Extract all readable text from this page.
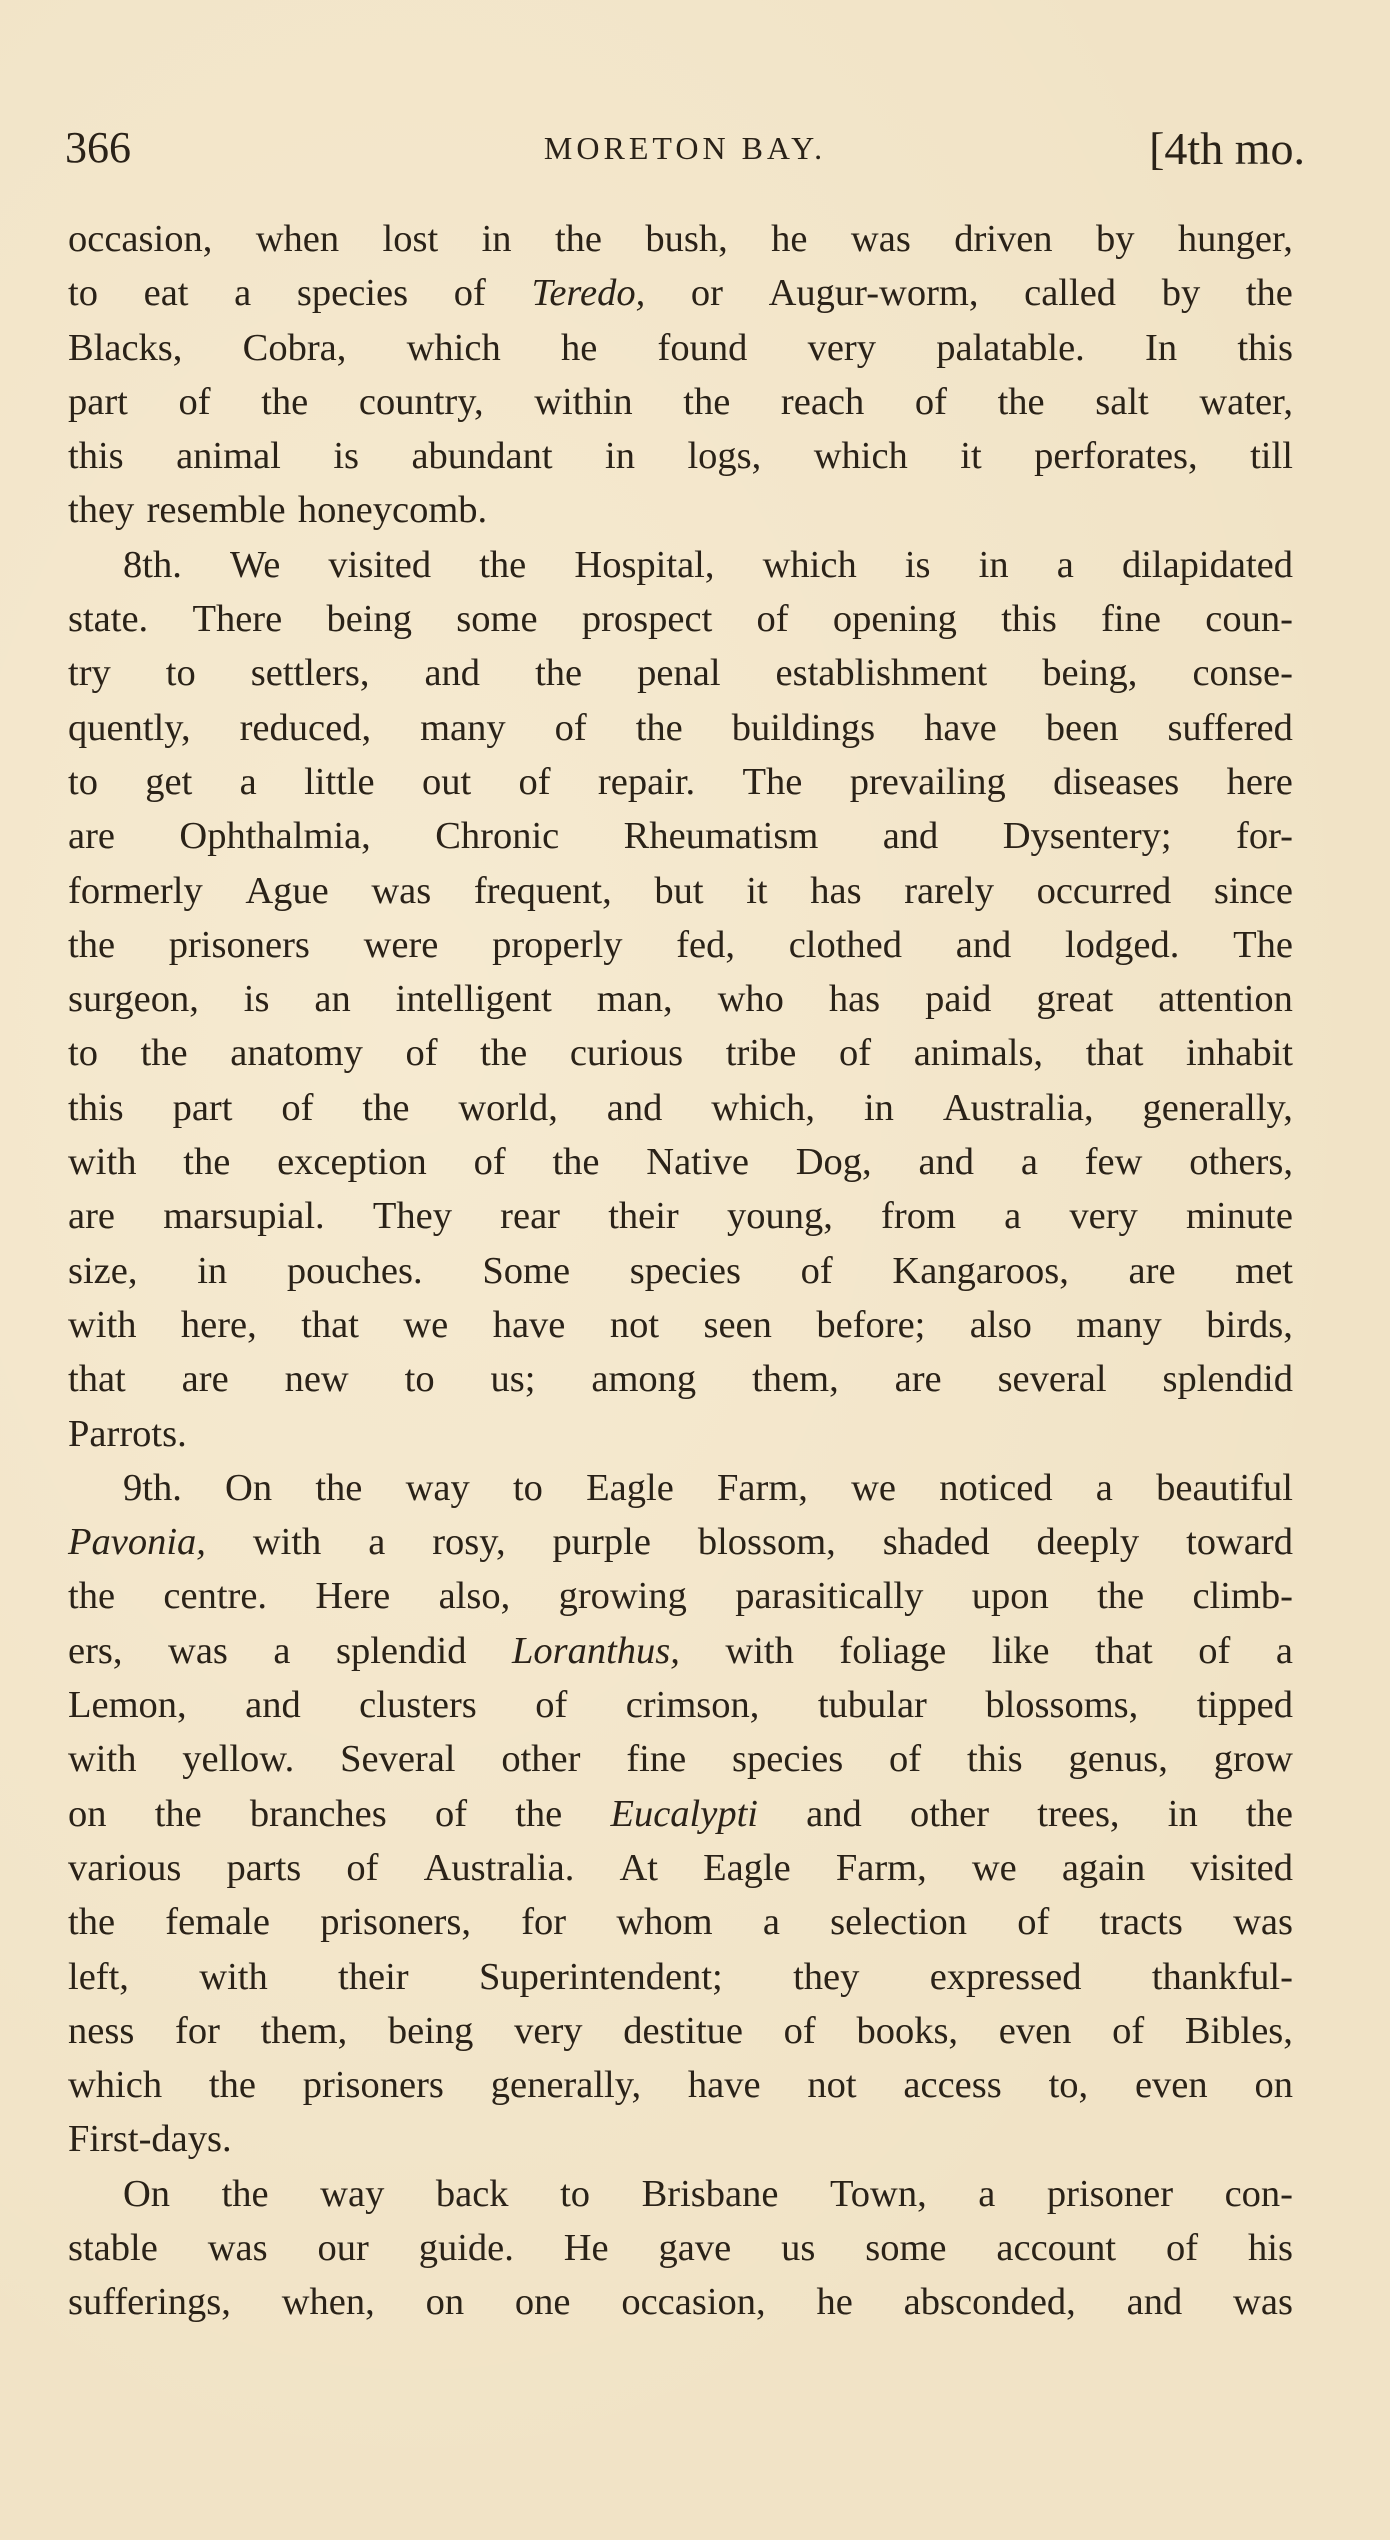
366	MORETON BAY.	[4th mo.
occasion, when lost in the bush, he was driven by hunger,
to eat a species of Teredo, or Augur-worm, called by the
Blacks, Cobra, which he found very palatable. In this
part of the country, within the reach of the salt water,
this animal is abundant in logs, which it perforates, till
they resemble honeycomb.
8th. We visited the Hospital, which is in a dilapidated
state. There being some prospect of opening this fine coun-
try to settlers, and the penal establishment being, conse-
quently, reduced, many of the buildings have been suffered
to get a little out of repair. The prevailing diseases here
are Ophthalmia, Chronic Rheumatism and Dysentery; for-
formerly Ague was frequent, but it has rarely occurred since
the prisoners were properly fed, clothed and lodged. The
surgeon, is an intelligent man, who has paid great attention
to the anatomy of the curious tribe of animals, that inhabit
this part of the world, and which, in Australia, generally,
with the exception of the Native Dog, and a few others,
are marsupial. They rear their young, from a very minute
size, in pouches. Some species of Kangaroos, are met
with here, that we have not seen before; also many birds,
that are new to us; among them, are several splendid
Parrots.
9th. On the way to Eagle Farm, we noticed a beautiful
Pavonia, with a rosy, purple blossom, shaded deeply toward
the centre. Here also, growing parasitically upon the climb-
ers, was a splendid Loranthus, with foliage like that of a
Lemon, and clusters of crimson, tubular blossoms, tipped
with yellow. Several other fine species of this genus, grow
on the branches of the Eucalypti and other trees, in the
various parts of Australia. At Eagle Farm, we again visited
the female prisoners, for whom a selection of tracts was
left, with their Superintendent; they expressed thankful-
ness for them, being very destitue of books, even of Bibles,
which the prisoners generally, have not access to, even on
First-days.
On the way back to Brisbane Town, a prisoner con-
stable was our guide. He gave us some account of his
sufferings, when, on one occasion, he absconded, and was
